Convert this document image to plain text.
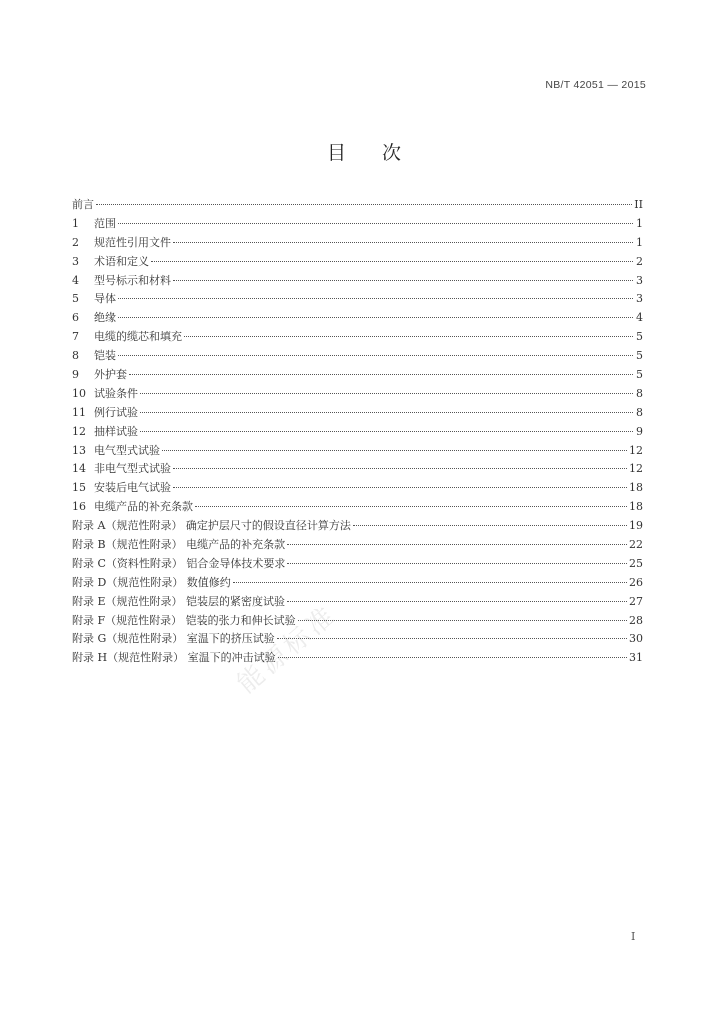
NB/T 42051 — 2015
目次
能源标准
前言	II
1	范围	1
2	规范性引用文件	1
3	术语和定义	2
4	型号标示和材料	3
5	导体	3
6	绝缘	4
7	电缆的缆芯和填充	5
8	铠装	5
9	外护套	5
10 试验条件	8
11 例行试验	8
12 抽样试验	9
13 电气型式试验	12
14 非电气型式试验	12
15 安装后电气试验	18
16 电缆产品的补充条款	18
附录 A（规范性附录） 确定护层尺寸的假设直径计算方法	19
附录 B（规范性附录） 电缆产品的补充条款	22
附录 C（资料性附录） 铝合金导体技术要求	25
附录 D（规范性附录） 数值修约	26
附录 E（规范性附录） 铠装层的紧密度试验	27
附录 F（规范性附录） 铠装的张力和伸长试验	28
附录 G（规范性附录） 室温下的挤压试验	30
附录 H（规范性附录） 室温下的冲击试验	31
I
